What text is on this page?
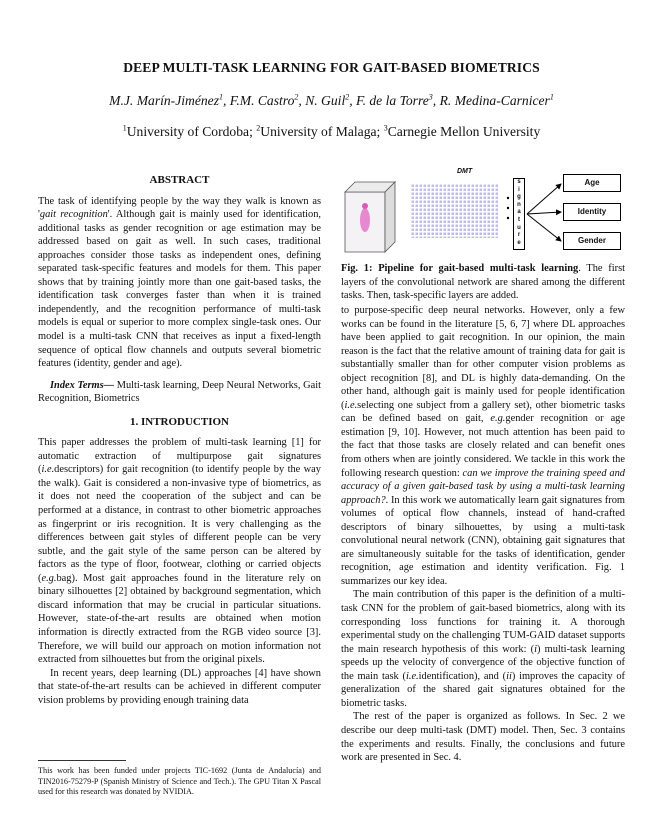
DEEP MULTI-TASK LEARNING FOR GAIT-BASED BIOMETRICS
M.J. Marín-Jiménez$^1$, F.M. Castro$^2$, N. Guil$^2$, F. de la Torre$^3$, R. Medina-Carnicer$^1$
$^1$University of Cordoba; $^2$University of Malaga; $^3$Carnegie Mellon University
ABSTRACT

The task of identifying people by the way they walk is known as 'gait recognition'. Although gait is mainly used for identification, additional tasks as gender recognition or age estimation may be addressed based on gait as well. In such cases, traditional approaches consider those tasks as independent ones, defining separated task-specific features and models for them. This paper shows that by training jointly more than one gait-based tasks, the identification task converges faster than when it is trained independently, and the recognition performance of multi-task models is equal or superior to more complex single-task ones. Our model is a multi-task CNN that receives as input a fixed-length sequence of optical flow channels and outputs several biometric features (identity, gender and age).

Index Terms— Multi-task learning, Deep Neural Networks, Gait Recognition, Biometrics

1. INTRODUCTION

This paper addresses the problem of multi-task learning [1] for automatic extraction of multipurpose gait signatures (i.e.descriptors) for gait recognition (to identify people by the way the walk). Gait is considered a non-invasive type of biometrics, as it does not need the cooperation of the subject and can be performed at a distance, in contrast to other biometric approaches as fingerprint or iris recognition. It is very challenging as the differences between gait styles of different people can be very subtle, and the gait style of the same person can be altered by factors as the type of floor, footwear, clothing or carried objects (e.g.bag). Most gait approaches found in the literature rely on binary silhouettes [2] obtained by background segmentation, which discard information that may be crucial in particular situations. However, state-of-the-art results are obtained when motion information is directly extracted from the RGB video source [3]. Therefore, we will build our approach on motion information not extracted from silhouettes but from the original pixels.

In recent years, deep learning (DL) approaches [4] have shown that state-of-the-art results can be achieved in different computer vision problems by providing enough training data

This work has been funded under projects TIC-1692 (Junta de Andalucía) and TIN2016-75279-P (Spanish Ministry of Science and Tech.). The GPU Titan X Pascal used for this research was donated by NVIDIA.
DMT
s
i
g
n
a
t
u
r
e
Age
Identity
Gender
Fig. 1: Pipeline for gait-based multi-task learning. The first layers of the convolutional network are shared among the different tasks. Then, task-specific layers are added.

to purpose-specific deep neural networks. However, only a few works can be found in the literature [5, 6, 7] where DL approaches have been applied to gait recognition. In our opinion, the main reason is the fact that the relative amount of training data for gait is substantially smaller than for other computer vision problems as object recognition [8], and DL is highly data-demanding. On the other hand, although gait is mainly used for people identification (i.e.selecting one subject from a gallery set), other biometric tasks can be defined based on gait, e.g.gender recognition or age estimation [9, 10]. However, not much attention has been paid to the fact that those tasks are closely related and can benefit ones from others when are jointly considered. We tackle in this work the following research question: can we improve the training speed and accuracy of a given gait-based task by using a multi-task learning approach?. In this work we automatically learn gait signatures from volumes of optical flow channels, instead of hand-crafted descriptors of binary silhouettes, by using a multi-task convolutional neural network (CNN), obtaining gait signatures that are simultaneously suitable for the tasks of identification, gender recognition, age estimation and identity verification. Fig. 1 summarizes our key idea.

The main contribution of this paper is the definition of a multi-task CNN for the problem of gait-based biometrics, along with its corresponding loss functions for training it. A thorough experimental study on the challenging TUM-GAID dataset supports the main research hypothesis of this work: (i) multi-task learning speeds up the velocity of convergence of the objective function of the main task (i.e.identification), and (ii) improves the capacity of generalization of the shared gait signatures obtained for the biometric tasks.

The rest of the paper is organized as follows. In Sec. 2 we describe our deep multi-task (DMT) model. Then, Sec. 3 contains the experiments and results. Finally, the conclusions and future work are presented in Sec. 4.
